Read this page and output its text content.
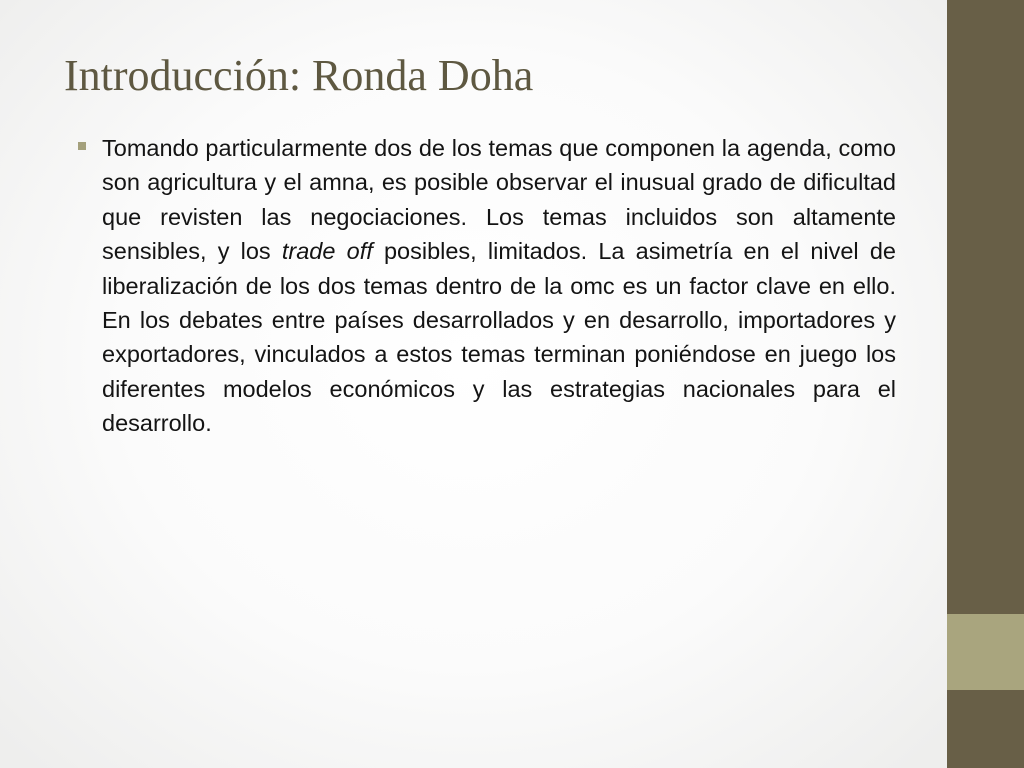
Introducción: Ronda Doha

Tomando particularmente dos de los temas que componen la agenda, como son agricultura y el amna, es posible observar el inusual grado de dificultad que revisten las negociaciones. Los temas incluidos son altamente sensibles, y los trade off posibles, limitados. La asimetría en el nivel de liberalización de los dos temas dentro de la omc es un factor clave en ello. En los debates entre países desarrollados y en desarrollo, importadores y exportadores, vinculados a estos temas terminan poniéndose en juego los diferentes modelos económicos y las estrategias nacionales para el desarrollo.
